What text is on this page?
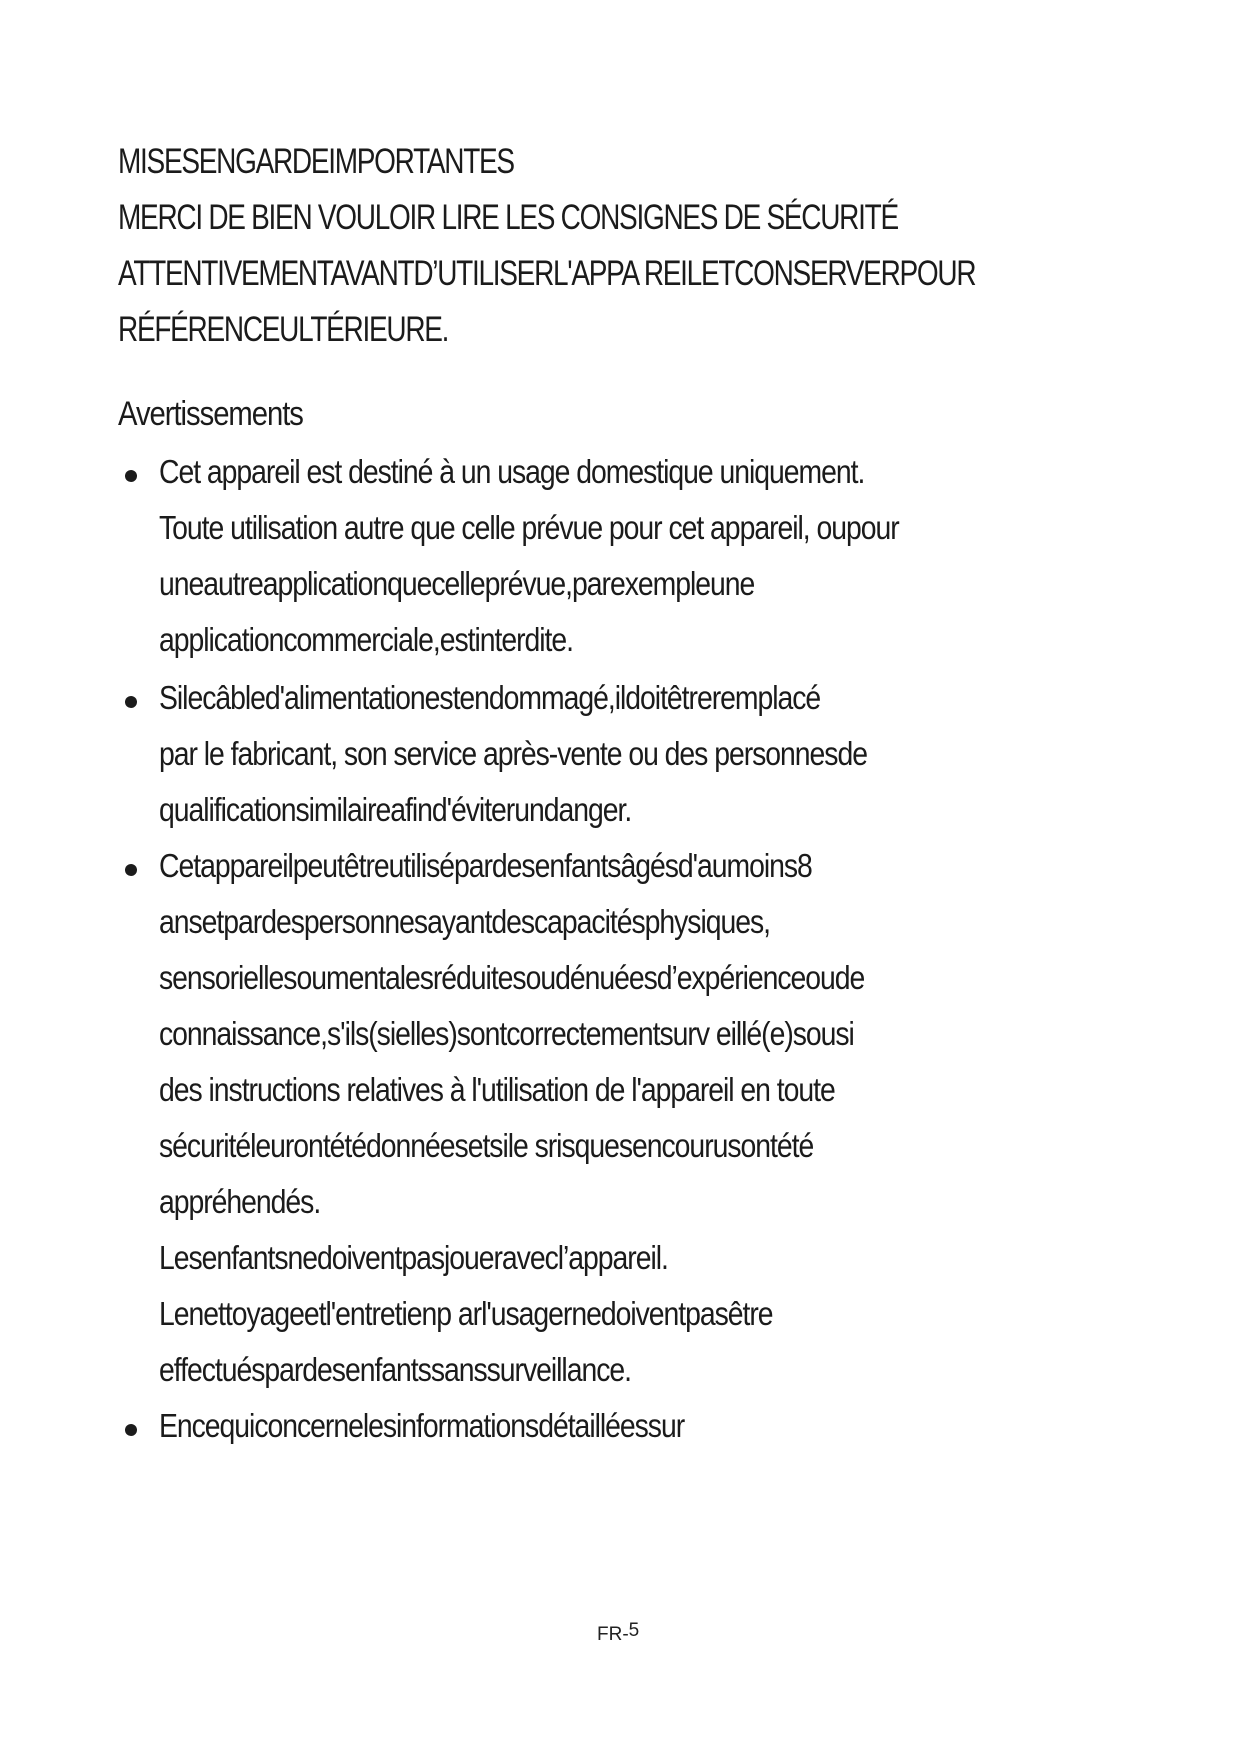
MISESENGARDEIMPORTANTES
MERCI DE BIEN VOULOIR LIRE LES CONSIGNES DE SÉCURITÉ
ATTENTIVEMENTAVANTD’UTILISERL'APPA REILETCONSERVERPOUR
RÉFÉRENCEULTÉRIEURE.
Avertissements
Cet appareil est destiné à un usage domestique uniquement.
Toute utilisation autre que celle prévue pour cet appareil, oupour
uneautreapplicationquecelleprévue,parexempleune
applicationcommerciale,estinterdite.
Silecâbled'alimentationestendommagé,ildoitêtreremplacé
par le fabricant, son service après-vente ou des personnesde
qualificationsimilaireafind'éviterundanger.
Cetappareilpeutêtreutilisépardesenfantsâgésd'aumoins8
ansetpardespersonnesayantdescapacitésphysiques,
sensoriellesoumentalesréduitesoudénuéesd’expérienceoude
connaissance,s'ils(sielles)sontcorrectementsurv eillé(e)sousi
des instructions relatives à l'utilisation de l'appareil en toute
sécuritéleurontétédonnéesetsile srisquesencourusontété
appréhendés.
Lesenfantsnedoiventpasjoueravecl’appareil.
Lenettoyageetl'entretienp arl'usagernedoiventpasêtre
effectuéspardesenfantssanssurveillance.
Encequiconcernelesinformationsdétailléessur
FR-5
